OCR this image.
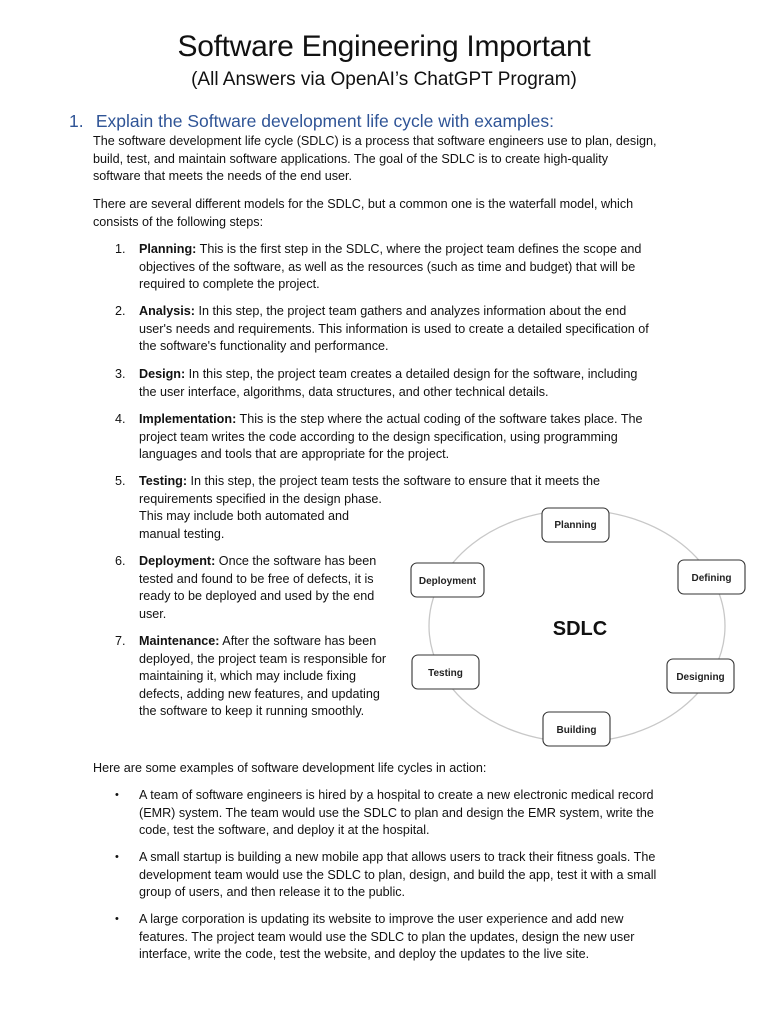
Software Engineering Important
(All Answers via OpenAI’s ChatGPT Program)
1. Explain the Software development life cycle with examples:

The software development life cycle (SDLC) is a process that software engineers use to plan, design,
build, test, and maintain software applications. The goal of the SDLC is to create high-quality
software that meets the needs of the end user.

There are several different models for the SDLC, but a common one is the waterfall model, which
consists of the following steps:

1.	Planning: This is the first step in the SDLC, where the project team defines the scope and
objectives of the software, as well as the resources (such as time and budget) that will be
required to complete the project.
2.	Analysis: In this step, the project team gathers and analyzes information about the end
user's needs and requirements. This information is used to create a detailed specification of
the software's functionality and performance.
3.	Design: In this step, the project team creates a detailed design for the software, including
the user interface, algorithms, data structures, and other technical details.
4.	Implementation: This is the step where the actual coding of the software takes place. The
project team writes the code according to the design specification, using programming
languages and tools that are appropriate for the project.
5.	Testing: In this step, the project team tests the software to ensure that it meets the
requirements specified in the design phase.
This may include both automated and
manual testing.
6.	Deployment: Once the software has been
tested and found to be free of defects, it is
ready to be deployed and used by the end
user.
7.	Maintenance: After the software has been
deployed, the project team is responsible for
maintaining it, which may include fixing
defects, adding new features, and updating
the software to keep it running smoothly.
SDLC
Planning
Defining
Designing
Building
Testing
Deployment

Here are some examples of software development life cycles in action:

•	A team of software engineers is hired by a hospital to create a new electronic medical record
(EMR) system. The team would use the SDLC to plan and design the EMR system, write the
code, test the software, and deploy it at the hospital.
•	A small startup is building a new mobile app that allows users to track their fitness goals. The
development team would use the SDLC to plan, design, and build the app, test it with a small
group of users, and then release it to the public.
•	A large corporation is updating its website to improve the user experience and add new
features. The project team would use the SDLC to plan the updates, design the new user
interface, write the code, test the website, and deploy the updates to the live site.
